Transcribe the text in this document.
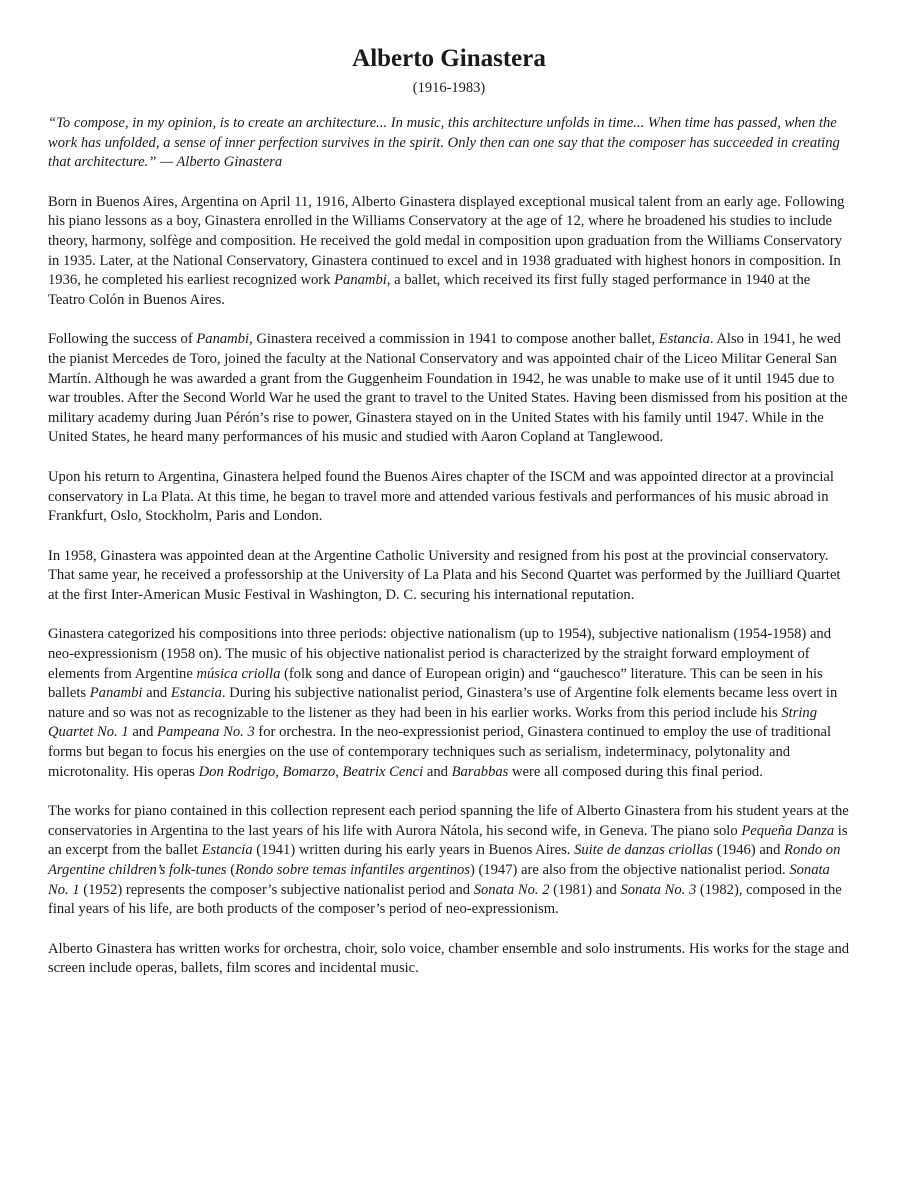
Alberto Ginastera
(1916-1983)

“To compose, in my opinion, is to create an architecture... In music, this architecture unfolds in time... When time has passed, when the work has unfolded, a sense of inner perfection survives in the spirit. Only then can one say that the composer has succeeded in creating that architecture.” — Alberto Ginastera

Born in Buenos Aires, Argentina on April 11, 1916, Alberto Ginastera displayed exceptional musical talent from an early age. Following his piano lessons as a boy, Ginastera enrolled in the Williams Conservatory at the age of 12, where he broadened his studies to include theory, harmony, solfège and composition. He received the gold medal in composition upon graduation from the Williams Conservatory in 1935. Later, at the National Conservatory, Ginastera continued to excel and in 1938 graduated with highest honors in composition. In 1936, he completed his earliest recognized work Panambi, a ballet, which received its first fully staged performance in 1940 at the Teatro Colón in Buenos Aires.

Following the success of Panambi, Ginastera received a commission in 1941 to compose another ballet, Estancia. Also in 1941, he wed the pianist Mercedes de Toro, joined the faculty at the National Conservatory and was appointed chair of the Liceo Militar General San Martín. Although he was awarded a grant from the Guggenheim Foundation in 1942, he was unable to make use of it until 1945 due to war troubles. After the Second World War he used the grant to travel to the United States. Having been dismissed from his position at the military academy during Juan Pérón’s rise to power, Ginastera stayed on in the United States with his family until 1947. While in the United States, he heard many performances of his music and studied with Aaron Copland at Tanglewood.

Upon his return to Argentina, Ginastera helped found the Buenos Aires chapter of the ISCM and was appointed director at a provincial conservatory in La Plata. At this time, he began to travel more and attended various festivals and performances of his music abroad in Frankfurt, Oslo, Stockholm, Paris and London.

In 1958, Ginastera was appointed dean at the Argentine Catholic University and resigned from his post at the provincial conservatory. That same year, he received a professorship at the University of La Plata and his Second Quartet was performed by the Juilliard Quartet at the first Inter-American Music Festival in Washington, D. C. securing his international reputation.

Ginastera categorized his compositions into three periods: objective nationalism (up to 1954), subjective nationalism (1954-1958) and neo-expressionism (1958 on). The music of his objective nationalist period is characterized by the straight forward employment of elements from Argentine música criolla (folk song and dance of European origin) and “gauchesco” literature. This can be seen in his ballets Panambi and Estancia. During his subjective nationalist period, Ginastera’s use of Argentine folk elements became less overt in nature and so was not as recognizable to the listener as they had been in his earlier works. Works from this period include his String Quartet No. 1 and Pampeana No. 3 for orchestra. In the neo-expressionist period, Ginastera continued to employ the use of traditional forms but began to focus his energies on the use of contemporary techniques such as serialism, indeterminacy, polytonality and microtonality. His operas Don Rodrigo, Bomarzo, Beatrix Cenci and Barabbas were all composed during this final period.

The works for piano contained in this collection represent each period spanning the life of Alberto Ginastera from his student years at the conservatories in Argentina to the last years of his life with Aurora Nátola, his second wife, in Geneva. The piano solo Pequeña Danza is an excerpt from the ballet Estancia (1941) written during his early years in Buenos Aires. Suite de danzas criollas (1946) and Rondo on Argentine children’s folk-tunes (Rondo sobre temas infantiles argentinos) (1947) are also from the objective nationalist period. Sonata No. 1 (1952) represents the composer’s subjective nationalist period and Sonata No. 2 (1981) and Sonata No. 3 (1982), composed in the final years of his life, are both products of the composer’s period of neo-expressionism.

Alberto Ginastera has written works for orchestra, choir, solo voice, chamber ensemble and solo instruments. His works for the stage and screen include operas, ballets, film scores and incidental music.
